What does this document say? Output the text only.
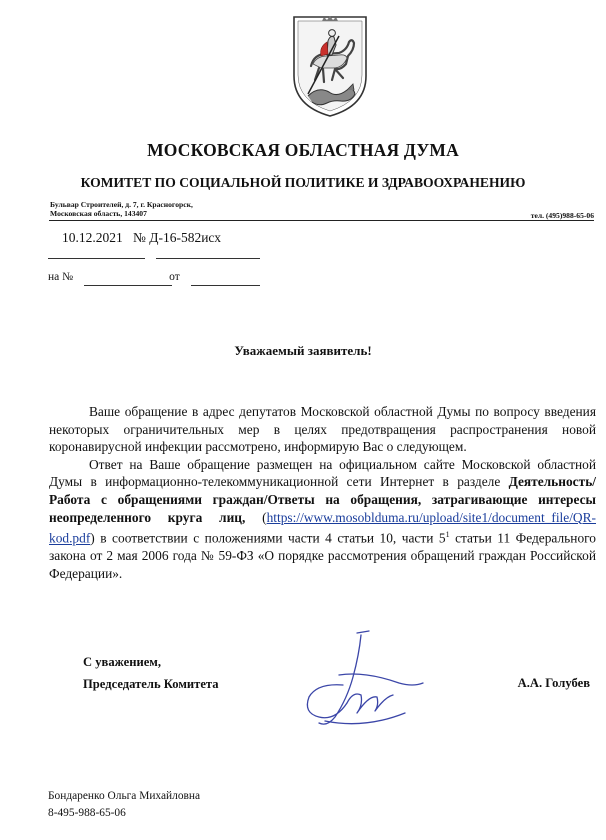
МОСКОВСКАЯ ОБЛАСТНАЯ ДУМА
КОМИТЕТ ПО СОЦИАЛЬНОЙ ПОЛИТИКЕ И ЗДРАВООХРАНЕНИЮ
Бульвар Строителей, д. 7, г. Красногорск,
Московская область, 143407	тел. (495)988-65-06
10.12.2021 № Д-16-582исх
на №	от
Уважаемый заявитель!

Ваше обращение в адрес депутатов Московской областной Думы по вопросу введения некоторых ограничительных мер в целях предотвращения распространения новой коронавирусной инфекции рассмотрено, информирую Вас о следующем.

Ответ на Ваше обращение размещен на официальном сайте Московской областной Думы в информационно-телекоммуникационной сети Интернет в разделе Деятельность/Работа с обращениями граждан/Ответы на обращения, затрагивающие интересы неопределенного круга лиц, (https://www.mosobldumа.ru/upload/site1/document_file/QR-kod.pdf) в соответствии с положениями части 4 статьи 10, части $5^1$ статьи 11 Федерального закона от 2 мая 2006 года № 59-ФЗ «О порядке рассмотрения обращений граждан Российской Федерации».

С уважением,
Председатель Комитета	А.А. Голубев
Бондаренко Ольга Михайловна
8-495-988-65-06
